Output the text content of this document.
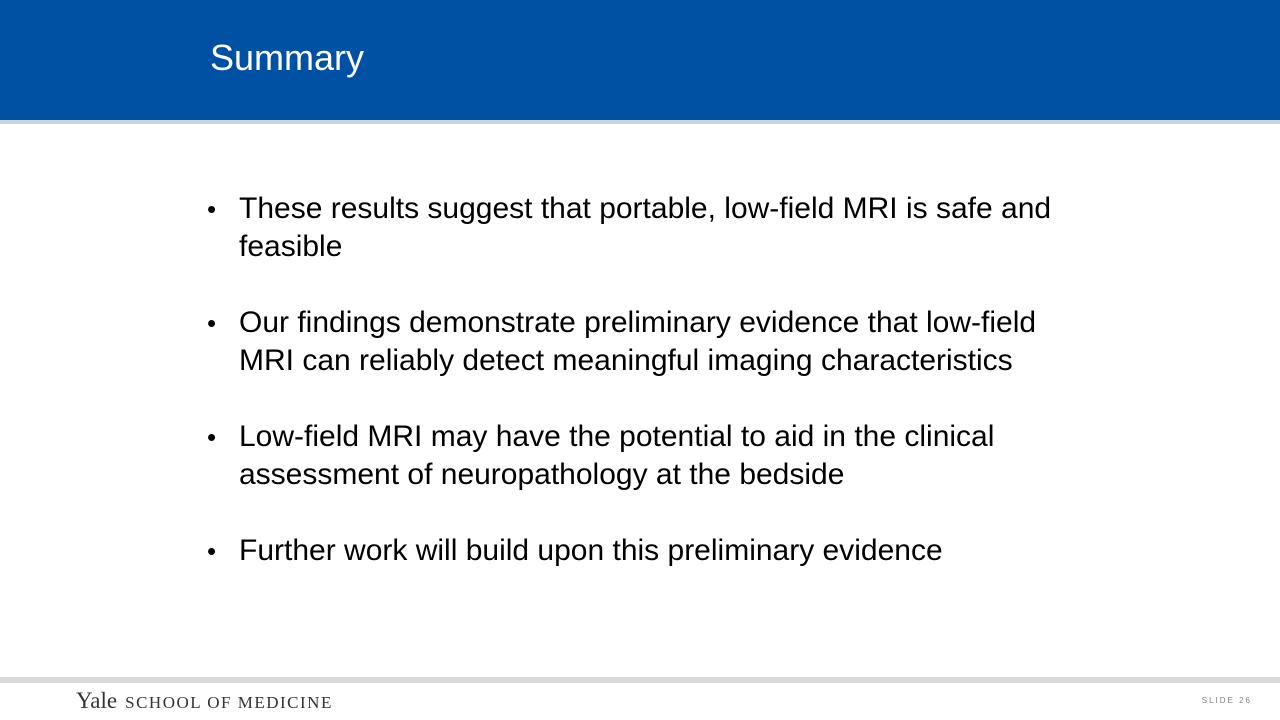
Summary
• These results suggest that portable, low-field MRI is safe and feasible
• Our findings demonstrate preliminary evidence that low-field MRI can reliably detect meaningful imaging characteristics
• Low-field MRI may have the potential to aid in the clinical assessment of neuropathology at the bedside
• Further work will build upon this preliminary evidence
Yale SCHOOL OF MEDICINE	SLIDE 26
